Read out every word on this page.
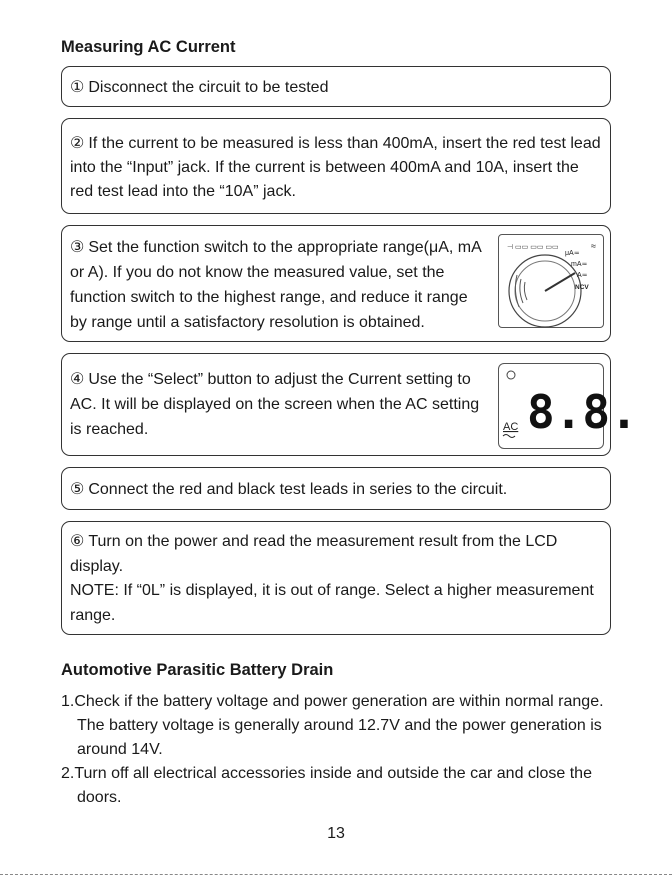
Measuring AC Current
① Disconnect the circuit to be tested
② If the current to be measured is less than 400mA, insert the red test lead into the “Input” jack. If the current is between 400mA and 10A, insert the red test lead into the “10A” jack.
③ Set the function switch to the appropriate range(μA, mA or A). If you do not know the measured value, set the function switch to the highest range, and reduce it range by range until a satisfactory resolution is obtained.
⊣ ▭▭ ▭▭ ▭▭
μA≂
mA≂
A≂
NCV
≈
④ Use the “Select” button to adjust the Current setting to AC. It will be displayed on the screen when the AC setting is reached.	8.8.
AC
⑤ Connect the red and black test leads in series to the circuit.
⑥ Turn on the power and read the measurement result from the LCD display.
NOTE: If “0L” is displayed, it is out of range. Select a higher measurement range.
Automotive Parasitic Battery Drain
1.Check if the battery voltage and power generation are within normal range. The battery voltage is generally around 12.7V and the power generation is around 14V.
2.Turn off all electrical accessories inside and outside the car and close the doors.
13
